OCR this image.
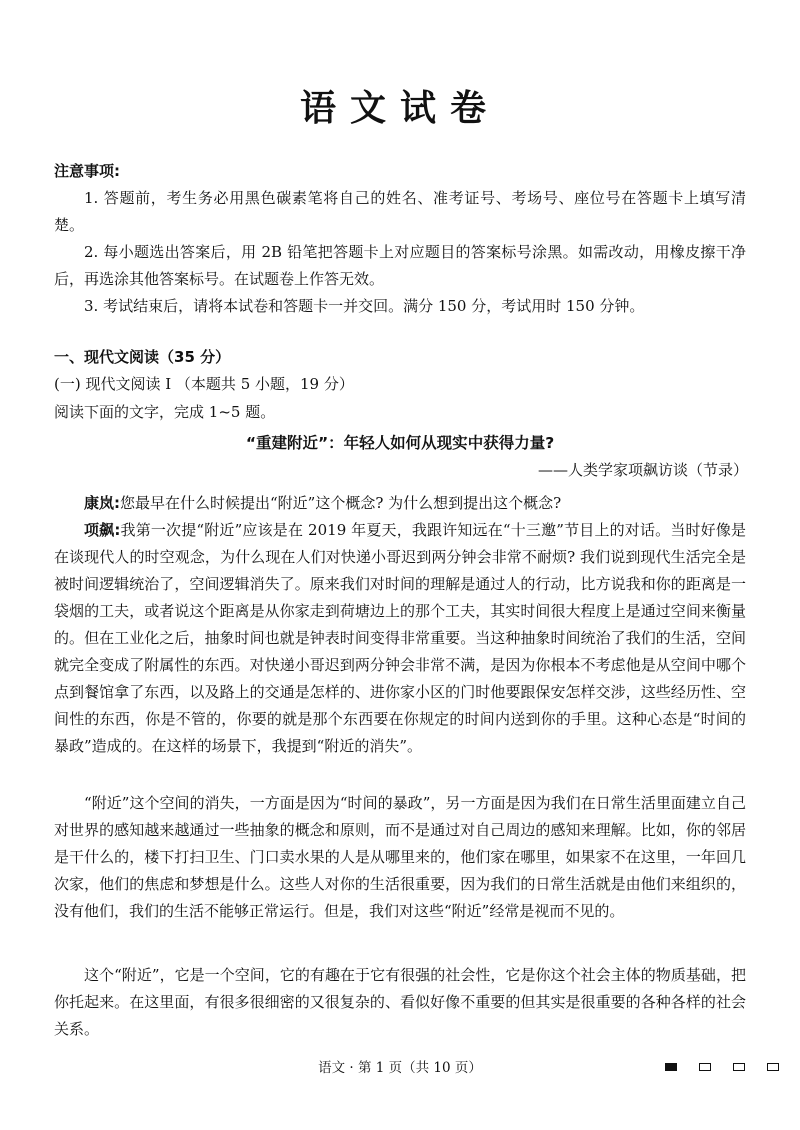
语文试卷
注意事项:

1. 答题前，考生务必用黑色碳素笔将自己的姓名、准考证号、考场号、座位号在答题卡上填写清楚。

2. 每小题选出答案后，用 2B 铅笔把答题卡上对应题目的答案标号涂黑。如需改动，用橡皮擦干净后，再选涂其他答案标号。在试题卷上作答无效。

3. 考试结束后，请将本试卷和答题卡一并交回。满分 150 分，考试用时 150 分钟。

一、现代文阅读（35 分）
(一) 现代文阅读 I （本题共 5 小题，19 分）
阅读下面的文字，完成 1~5 题。
“重建附近”：年轻人如何从现实中获得力量?
——人类学家项飙访谈（节录）

康岚:您最早在什么时候提出“附近”这个概念? 为什么想到提出这个概念?

项飙:我第一次提“附近”应该是在 2019 年夏天，我跟许知远在“十三邀”节目上的对话。当时好像是在谈现代人的时空观念，为什么现在人们对快递小哥迟到两分钟会非常不耐烦? 我们说到现代生活完全是被时间逻辑统治了，空间逻辑消失了。原来我们对时间的理解是通过人的行动，比方说我和你的距离是一袋烟的工夫，或者说这个距离是从你家走到荷塘边上的那个工夫，其实时间很大程度上是通过空间来衡量的。但在工业化之后，抽象时间也就是钟表时间变得非常重要。当这种抽象时间统治了我们的生活，空间就完全变成了附属性的东西。对快递小哥迟到两分钟会非常不满，是因为你根本不考虑他是从空间中哪个点到餐馆拿了东西，以及路上的交通是怎样的、进你家小区的门时他要跟保安怎样交涉，这些经历性、空间性的东西，你是不管的，你要的就是那个东西要在你规定的时间内送到你的手里。这种心态是“时间的暴政”造成的。在这样的场景下，我提到“附近的消失”。

“附近”这个空间的消失，一方面是因为“时间的暴政”，另一方面是因为我们在日常生活里面建立自己对世界的感知越来越通过一些抽象的概念和原则，而不是通过对自己周边的感知来理解。比如，你的邻居是干什么的，楼下打扫卫生、门口卖水果的人是从哪里来的，他们家在哪里，如果家不在这里，一年回几次家，他们的焦虑和梦想是什么。这些人对你的生活很重要，因为我们的日常生活就是由他们来组织的，没有他们，我们的生活不能够正常运行。但是，我们对这些“附近”经常是视而不见的。

这个“附近”，它是一个空间，它的有趣在于它有很强的社会性，它是你这个社会主体的物质基础，把你托起来。在这里面，有很多很细密的又很复杂的、看似好像不重要的但其实是很重要的各种各样的社会关系。

语文 · 第 1 页（共 10 页）
